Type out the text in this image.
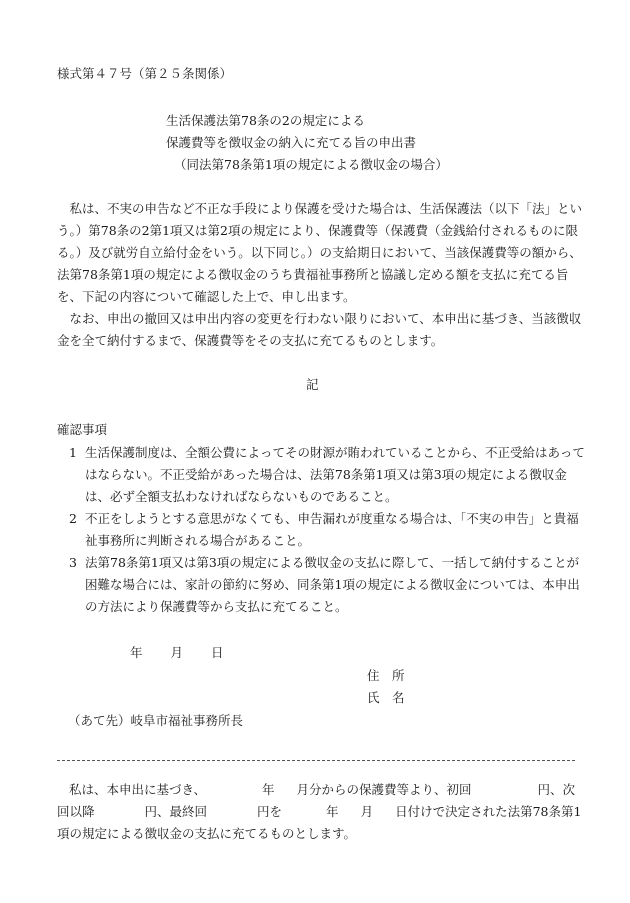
様式第４７号（第２５条関係）
生活保護法第78条の2の規定による
保護費等を徴収金の納入に充てる旨の申出書
（同法第78条第1項の規定による徴収金の場合）
　私は、不実の申告など不正な手段により保護を受けた場合は、生活保護法（以下「法」という。）第78条の2第1項又は第2項の規定により、保護費等（保護費（金銭給付されるものに限る。）及び就労自立給付金をいう。以下同じ。）の支給期日において、当該保護費等の額から、法第78条第1項の規定による徴収金のうち貴福祉事務所と協議し定める額を支払に充てる旨を、下記の内容について確認した上で、申し出ます。
　なお、申出の撤回又は申出内容の変更を行わない限りにおいて、本申出に基づき、当該徴収金を全て納付するまで、保護費等をその支払に充てるものとします。
記
確認事項
1 生活保護制度は、全額公費によってその財源が賄われていることから、不正受給はあってはならない。不正受給があった場合は、法第78条第1項又は第3項の規定による徴収金は、必ず全額支払わなければならないものであること。
2 不正をしようとする意思がなくても、申告漏れが度重なる場合は、「不実の申告」と貴福祉事務所に判断される場合があること。
3 法第78条第1項又は第3項の規定による徴収金の支払に際して、一括して納付することが困難な場合には、家計の節約に努め、同条第1項の規定による徴収金については、本申出の方法により保護費等から支払に充てること。
年 月 日
住　所
氏　名
（あて先）岐阜市福祉事務所長
私は、本申出に基づき、	年 月分からの保護費等より、初回	円、次回以降	円、最終回	円を	年 月 日付けで決定された法第78条第1項の規定による徴収金の支払に充てるものとします。
